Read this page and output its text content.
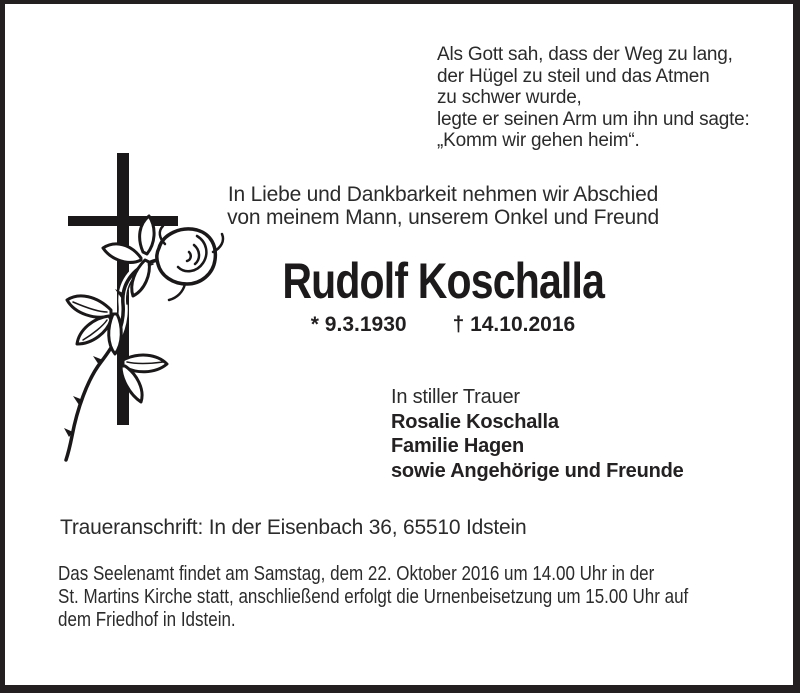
Als Gott sah, dass der Weg zu lang,
der Hügel zu steil und das Atmen
zu schwer wurde,
legte er seinen Arm um ihn und sagte:
„Komm wir gehen heim“.
In Liebe und Dankbarkeit nehmen wir Abschied
von meinem Mann, unserem Onkel und Freund
Rudolf Koschalla
* 9.3.1930 † 14.10.2016
In stiller Trauer
Rosalie Koschalla
Familie Hagen
sowie Angehörige und Freunde
Traueranschrift: In der Eisenbach 36, 65510 Idstein
Das Seelenamt findet am Samstag, dem 22. Oktober 2016 um 14.00 Uhr in der
St. Martins Kirche statt, anschließend erfolgt die Urnenbeisetzung um 15.00 Uhr auf
dem Friedhof in Idstein.
